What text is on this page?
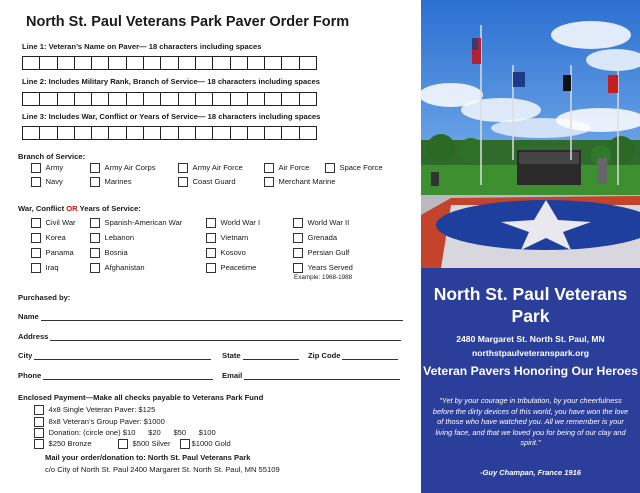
North St. Paul Veterans Park Paver Order Form
Line 1: Veteran’s Name on Paver— 18 characters including spaces
Line 2: Includes Military Rank, Branch of Service— 18 characters including spaces
Line 3: Includes War, Conflict or Years of Service— 18 characters including spaces
Branch of Service:
Army	Army Air Corps	Army Air Force	Air Force	Space Force
Navy	Marines	Coast Guard	Merchant Marine
War, Conflict OR Years of Service:
Civil War	Spanish-American War	World War I	World War II
Korea	Lebanon	Vietnam	Grenada
Panama	Bosnia	Kosovo	Persian Gulf
Iraq	Afghanistan	Peacetime	Years Served
Example: 1968-1988
Purchased by:
Name
Address
City	State	Zip Code
Phone	Email
Enclosed Payment—Make all checks payable to Veterans Park Fund
4x8 Single Veteran Paver: $125
8x8 Veteran’s Group Paver: $1000
Donation: (circle one) $10      $20      $50      $100
$250 Bronze	$500 Silver	$1000 Gold
Mail your order/donation to: North St. Paul Veterans Park
c/o City of North St. Paul 2400 Margaret St. North St. Paul, MN 55109
North St. Paul Veterans Park
2480 Margaret St. North St. Paul, MN
northstpaulveteranspark.org
Veteran Pavers Honoring Our Heroes
"Yet by your courage in tribulation, by your cheerfulness before the dirty devices of this world, you have won the love of those who have watched you. All we remember is your living face, and that we loved you for being of our clay and spirit."
-Guy Champan, France 1916
